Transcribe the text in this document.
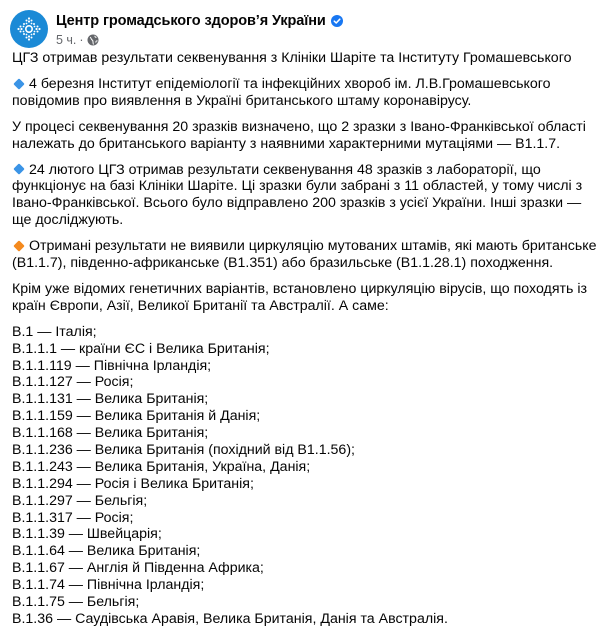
Центр громадського здоров’я України
5 ч. ·

ЦГЗ отримав результати секвенування з Клініки Шаріте та Інституту Громашевського

4 березня Інститут епідеміології та інфекційних хвороб ім. Л.В.Громашевського повідомив про виявлення в Україні британського штаму коронавірусу.

У процесі секвенування 20 зразків визначено, що 2 зразки з Івано-Франківської області належать до британського варіанту з наявними характерними мутаціями — В1.1.7.

24 лютого ЦГЗ отримав результати секвенування 48 зразків з лабораторії, що функціонує на базі Клініки Шаріте. Ці зразки були забрані з 11 областей, у тому числі з Івано-Франківської. Всього було відправлено 200 зразків з усієї України. Інші зразки — ще досліджують.

Отримані результати не виявили циркуляцію мутованих штамів, які мають британське (В1.1.7), південно-африканське (В1.351) або бразильське (В1.1.28.1) походження.

Крім уже відомих генетичних варіантів, встановлено циркуляцію вірусів, що походять із країн Європи, Азії, Великої Британії та Австралії. А саме:

В.1 — Італія;
В.1.1.1 — країни ЄС і Велика Британія;
В.1.1.119 — Північна Ірландія;
В.1.1.127 — Росія;
В.1.1.131 — Велика Британія;
В.1.1.159 — Велика Британія й Данія;
В.1.1.168 — Велика Британія;
В.1.1.236 — Велика Британія (похідний від В1.1.56);
В.1.1.243 — Велика Британія, Україна, Данія;
В.1.1.294 — Росія і Велика Британія;
В.1.1.297 — Бельгія;
В.1.1.317 — Росія;
В.1.1.39 — Швейцарія;
В.1.1.64 — Велика Британія;
В.1.1.67 — Англія й Південна Африка;
В.1.1.74 — Північна Ірландія;
В.1.1.75 — Бельгія;
В.1.36 — Саудівська Аравія, Велика Британія, Данія та Австралія.
